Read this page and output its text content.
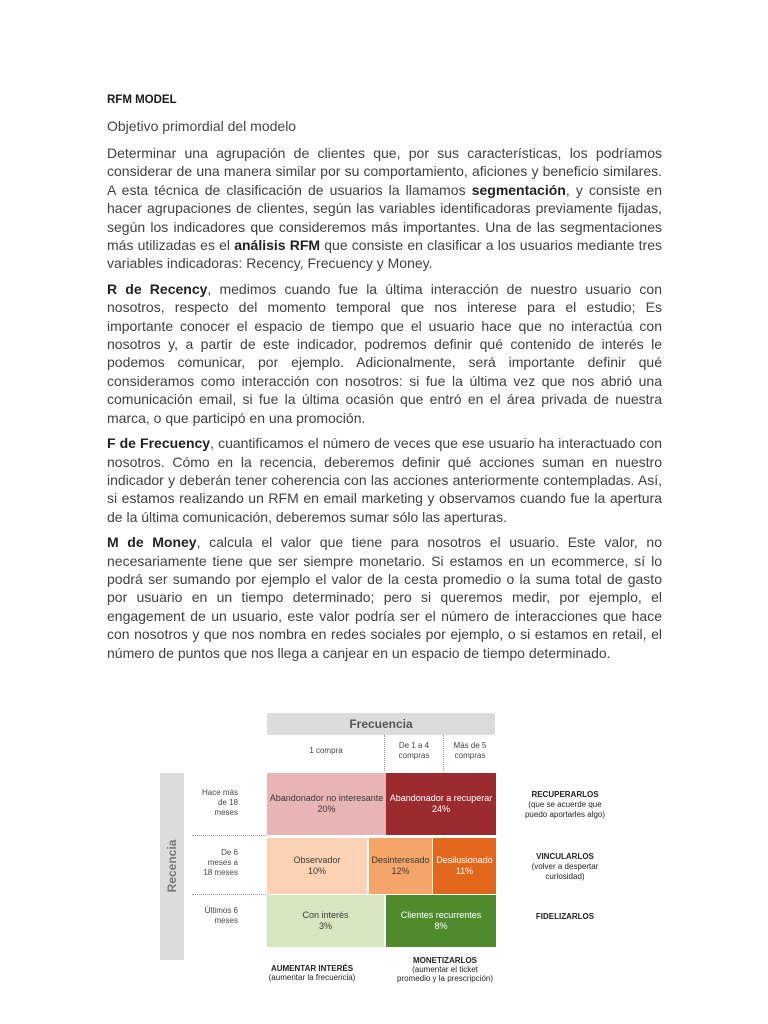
RFM MODEL
Objetivo primordial del modelo

Determinar una agrupación de clientes que, por sus características, los podríamos considerar de una manera similar por su comportamiento, aficiones y beneficio similares. A esta técnica de clasificación de usuarios la llamamos segmentación, y consiste en hacer agrupaciones de clientes, según las variables identificadoras previamente fijadas, según los indicadores que consideremos más importantes. Una de las segmentaciones más utilizadas es el análisis RFM que consiste en clasificar a los usuarios mediante tres variables indicadoras: Recency, Frecuency y Money.

R de Recency, medimos cuando fue la última interacción de nuestro usuario con nosotros, respecto del momento temporal que nos interese para el estudio; Es importante conocer el espacio de tiempo que el usuario hace que no interactúa con nosotros y, a partir de este indicador, podremos definir qué contenido de interés le podemos comunicar, por ejemplo. Adicionalmente, será importante definir qué consideramos como interacción con nosotros: si fue la última vez que nos abrió una comunicación email, si fue la última ocasión que entró en el área privada de nuestra marca, o que participó en una promoción.

F de Frecuency, cuantificamos el número de veces que ese usuario ha interactuado con nosotros. Cómo en la recencia, deberemos definir qué acciones suman en nuestro indicador y deberán tener coherencia con las acciones anteriormente contempladas. Así, si estamos realizando un RFM en email marketing y observamos cuando fue la apertura de la última comunicación, deberemos sumar sólo las aperturas.

M de Money, calcula el valor que tiene para nosotros el usuario. Este valor, no necesariamente tiene que ser siempre monetario. Si estamos en un ecommerce, sí lo podrá ser sumando por ejemplo el valor de la cesta promedio o la suma total de gasto por usuario en un tiempo determinado; pero si queremos medir, por ejemplo, el engagement de un usuario, este valor podría ser el número de interacciones que hace con nosotros y que nos nombra en redes sociales por ejemplo, o si estamos en retail, el número de puntos que nos llega a canjear en un espacio de tiempo determinado.

Frecuencia
1 compra
De 1 a 4
compras
Más de 5
compras
Recencia
Hace más
de 18
meses
De 6
meses a
18 meses
Últimos 6
meses
Abandonador no interesante
20%
Abandonador a recuperar
24%
Observador
10%
Desinteresado
12%
Desilusionado
11%
Con interés
3%
Clientes recurrentes
8%
RECUPERARLOS
(que se acuerde que
puedo aportarles algo)
VINCULARLOS
(volver a despertar
curiosidad)
FIDELIZARLOS
AUMENTAR INTERÉS
(aumentar la frecuencia)
MONETIZARLOS
(aumentar el ticket
promedio y la prescripción)
